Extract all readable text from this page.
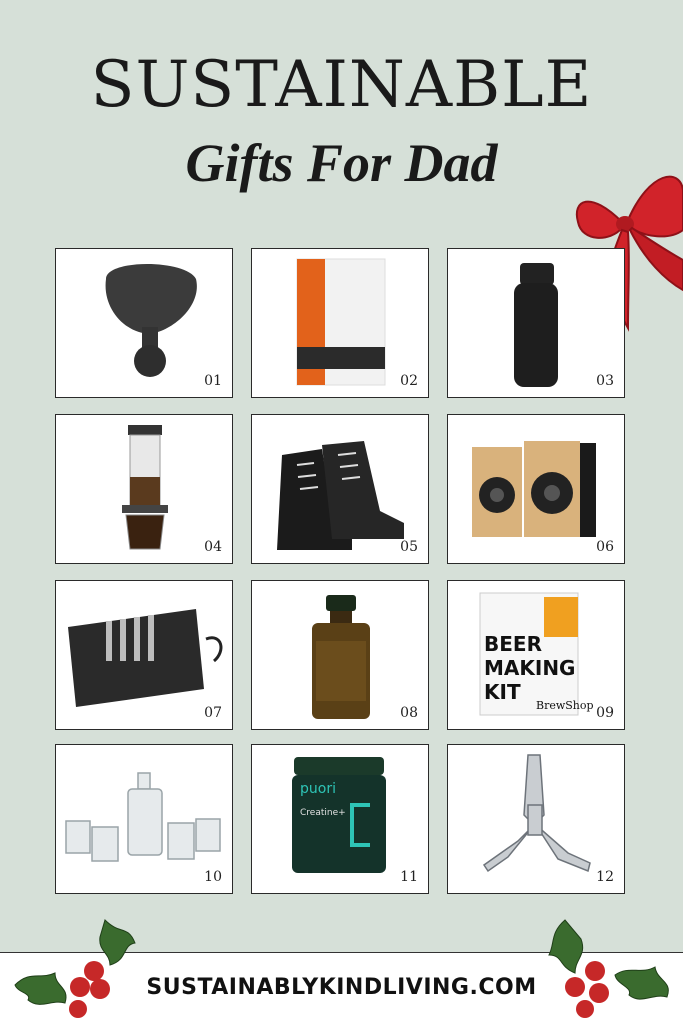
SUSTAINABLE
Gifts For Dad
01	02	03
04	05	06
07	08
BEER
MAKING
KIT
BrewShop 09
10
puori
Creatine+
11	12
SUSTAINABLYKINDLIVING.COM
